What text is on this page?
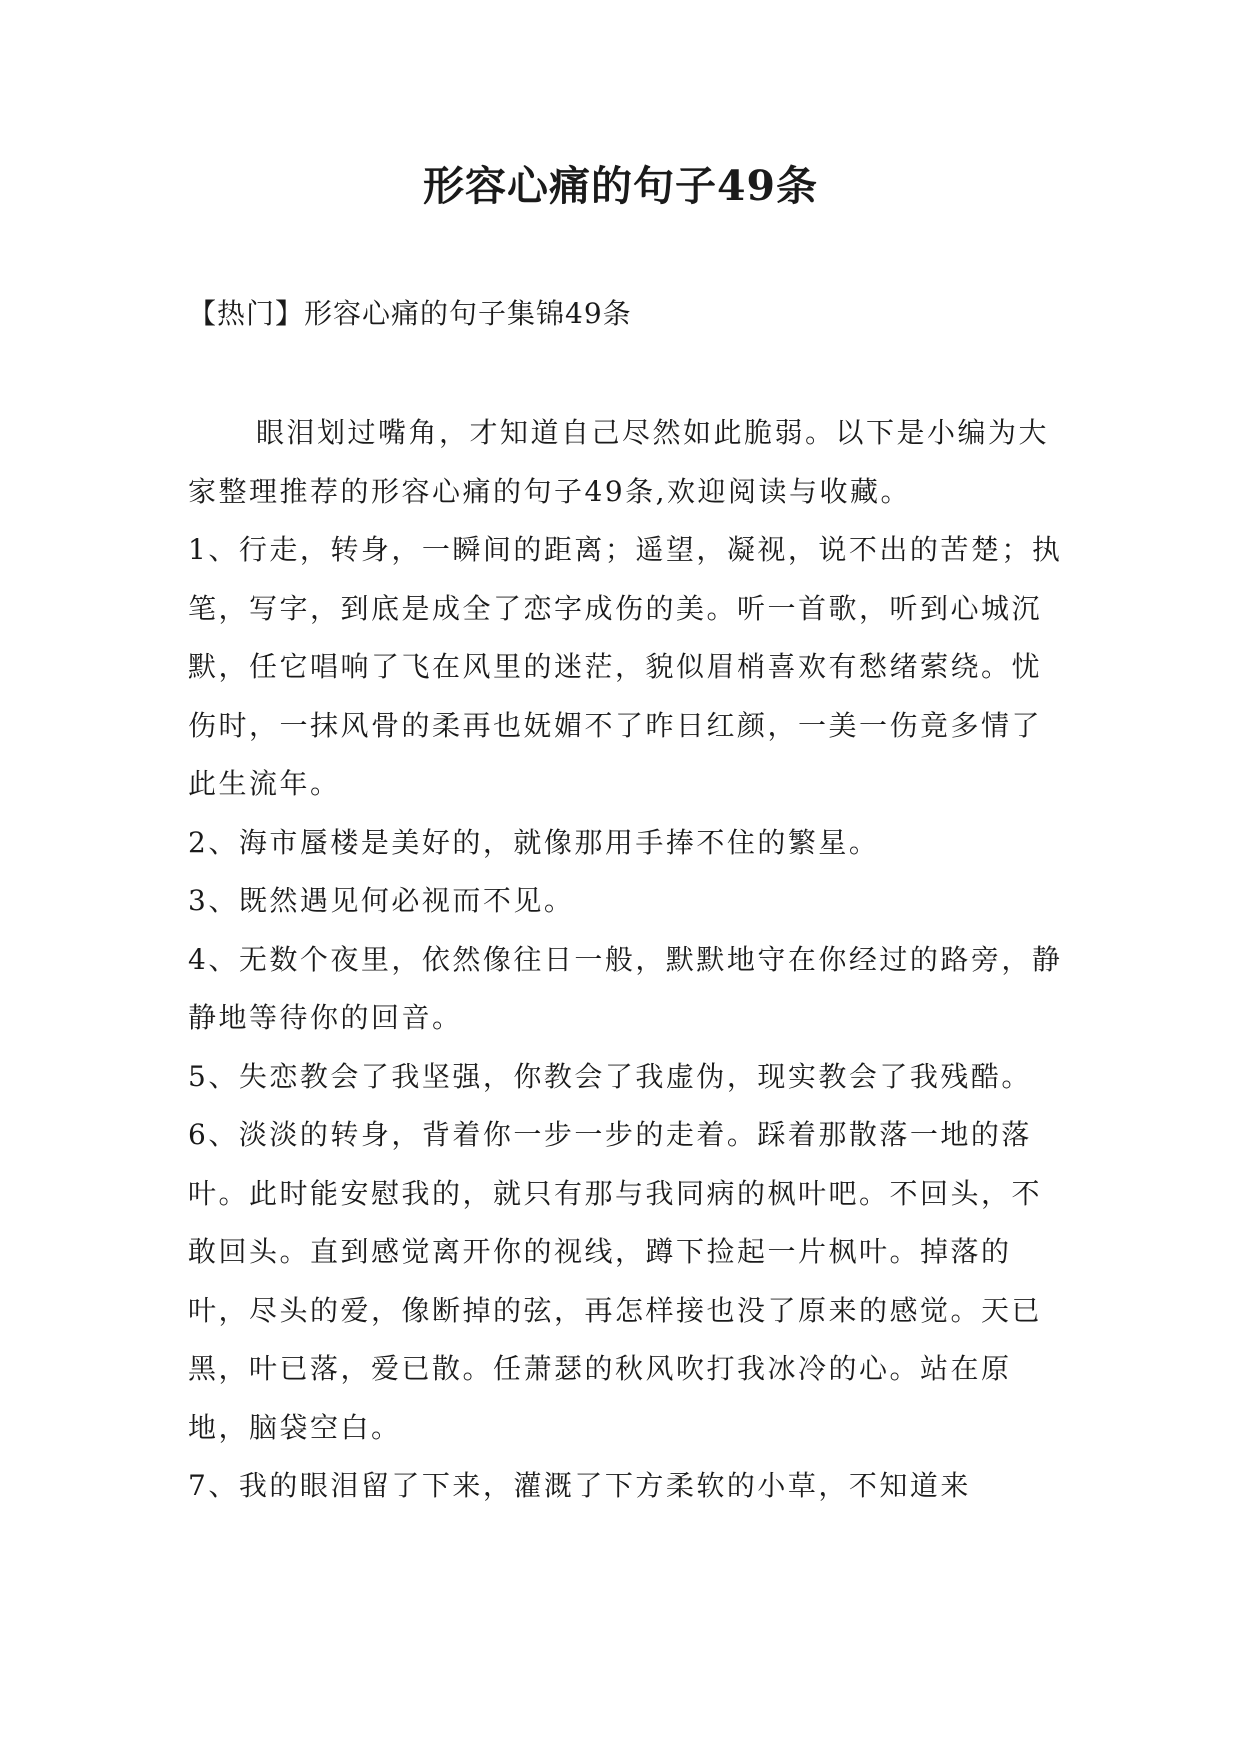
形容心痛的句子49条
【热门】形容心痛的句子集锦49条

眼泪划过嘴角，才知道自己尽然如此脆弱。以下是小编为大家整理推荐的形容心痛的句子49条,欢迎阅读与收藏。

1、行走，转身，一瞬间的距离；遥望，凝视，说不出的苦楚；执笔，写字，到底是成全了恋字成伤的美。听一首歌，听到心城沉默，任它唱响了飞在风里的迷茫，貌似眉梢喜欢有愁绪萦绕。忧伤时，一抹风骨的柔再也妩媚不了昨日红颜，一美一伤竟多情了此生流年。

2、海市蜃楼是美好的，就像那用手捧不住的繁星。

3、既然遇见何必视而不见。

4、无数个夜里，依然像往日一般，默默地守在你经过的路旁，静静地等待你的回音。

5、失恋教会了我坚强，你教会了我虚伪，现实教会了我残酷。

6、淡淡的转身，背着你一步一步的走着。踩着那散落一地的落叶。此时能安慰我的，就只有那与我同病的枫叶吧。不回头，不敢回头。直到感觉离开你的视线，蹲下捡起一片枫叶。掉落的叶，尽头的爱，像断掉的弦，再怎样接也没了原来的感觉。天已黑，叶已落，爱已散。任萧瑟的秋风吹打我冰冷的心。站在原地，脑袋空白。

7、我的眼泪留了下来，灌溉了下方柔软的小草，不知道来
